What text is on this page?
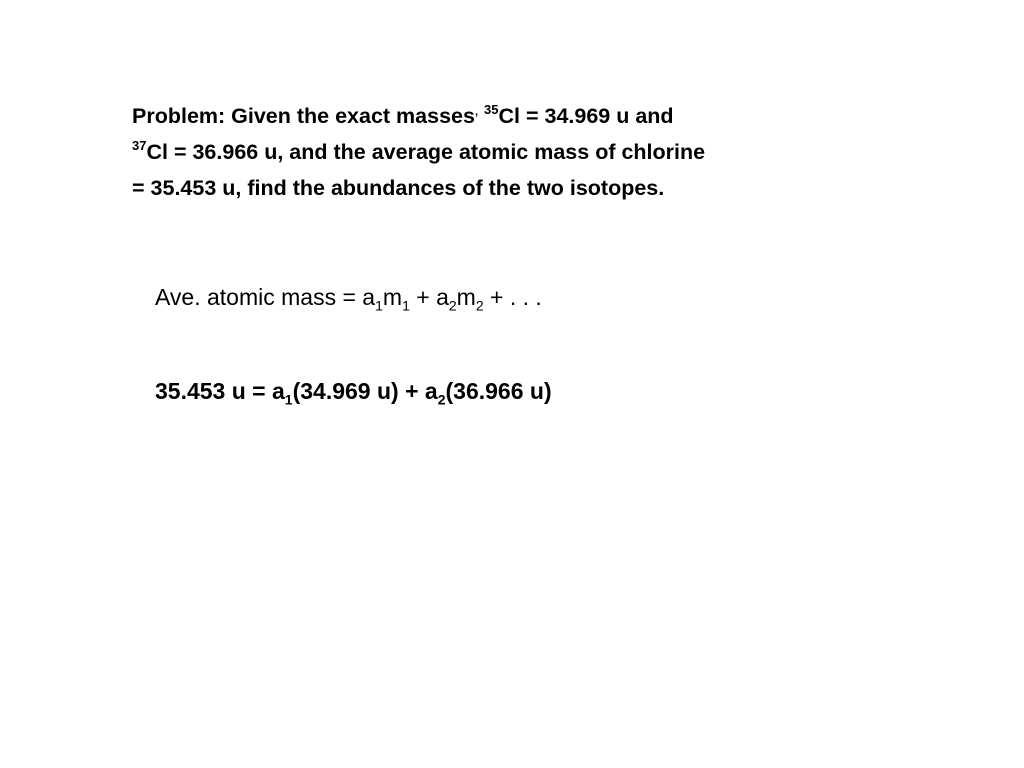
Problem: Given the exact masses, $^{35}$Cl = 34.969 u and
$^{37}$Cl = 36.966 u, and the average atomic mass of chlorine
= 35.453 u, find the abundances of the two isotopes.
Ave. atomic mass = $a_1m_1 + a_2m_2$ + . . .
35.453 $u = a_1(34.969$ $u) + a_2(36.966$ u)
